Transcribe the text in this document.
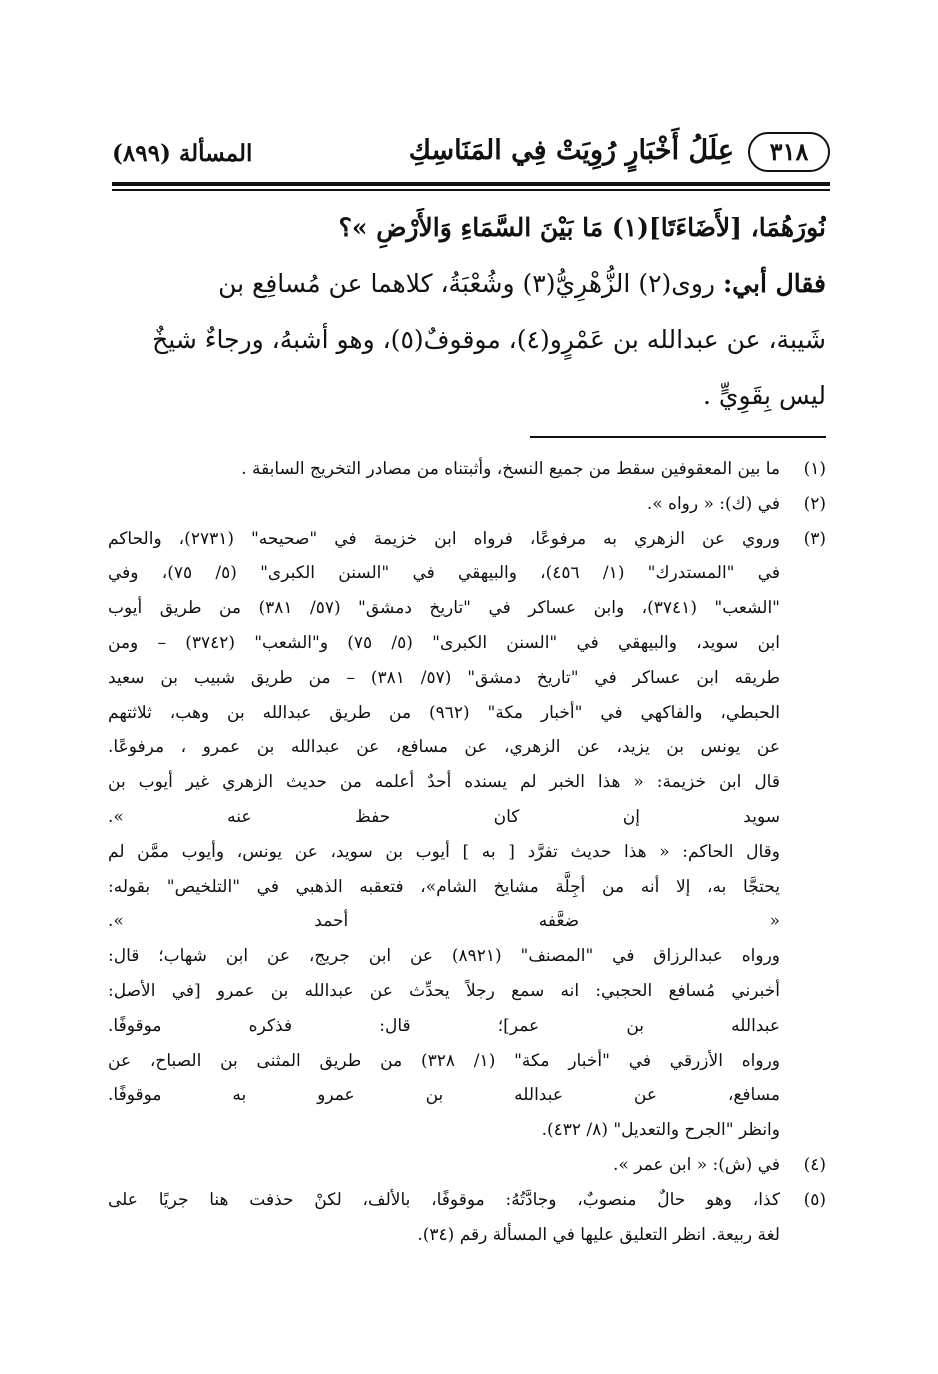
٣١٨
عِلَلُ أَخْبَارٍ رُوِيَتْ فِي المَنَاسِكِ
المسألة (٨٩٩)
نُورَهُمَا، [لأَضَاءَتَا](١) مَا بَيْنَ السَّمَاءِ وَالأَرْضِ »؟
فقال أبي: روى(٢) الزُّهْرِيُّ(٣) وشُعْبَةُ، كلاهما عن مُسافِع بن
شَيبة، عن عبدالله بن عَمْرٍو(٤)، موقوفٌ(٥)، وهو أشبهُ، ورجاءٌ شيخٌ
ليس بِقَوِيٍّ .
(١)
ما بين المعقوفين سقط من جميع النسخ، وأثبتناه من مصادر التخريج السابقة .
(٢)
في (ك): « رواه ».
(٣)
وروي عن الزهري به مرفوعًا، فرواه ابن خزيمة في "صحيحه" (٢٧٣١)، والحاكم
في "المستدرك" (١/ ٤٥٦)، والبيهقي في "السنن الكبرى" (٥/ ٧٥)، وفي
"الشعب" (٣٧٤١)، وابن عساكر في "تاريخ دمشق" (٥٧/ ٣٨١) من طريق أيوب
ابن سويد، والبيهقي في "السنن الكبرى" (٥/ ٧٥) و"الشعب" (٣٧٤٢) – ومن
طريقه ابن عساكر في "تاريخ دمشق" (٥٧/ ٣٨١) – من طريق شبيب بن سعيد
الحبطي، والفاكهي في "أخبار مكة" (٩٦٢) من طريق عبدالله بن وهب، ثلاثتهم
عن يونس بن يزيد، عن الزهري، عن مسافع، عن عبدالله بن عمرو ، مرفوعًا.
قال ابن خزيمة: « هذا الخبر لم يسنده أحدٌ أعلمه من حديث الزهري غير أيوب بن
سويد إن كان حفظ عنه ».
وقال الحاكم: « هذا حديث تفرَّد [ به ] أيوب بن سويد، عن يونس، وأيوب ممَّن لم
يحتجَّا به، إلا أنه من أجِلَّة مشايخ الشام»، فتعقبه الذهبي في "التلخيص" بقوله:
« ضعَّفه أحمد ».
ورواه عبدالرزاق في "المصنف" (٨٩٢١) عن ابن جريج، عن ابن شهاب؛ قال:
أخبرني مُسافع الحجبي: انه سمع رجلاً يحدِّث عن عبدالله بن عمرو [في الأصل:
عبدالله بن عمر]؛ قال: فذكره موقوفًا.
ورواه الأزرقي في "أخبار مكة" (١/ ٣٢٨) من طريق المثنى بن الصباح، عن
مسافع، عن عبدالله بن عمرو به موقوفًا.
وانظر "الجرح والتعديل" (٨/ ٤٣٢).
(٤)
في (ش): « ابن عمر ».
(٥)
كذا، وهو حالٌ منصوبٌ، وجادَّتُهُ: موقوفًا، بالألف، لكنْ حذفت هنا جريًا على
لغة ربيعة. انظر التعليق عليها في المسألة رقم (٣٤).
